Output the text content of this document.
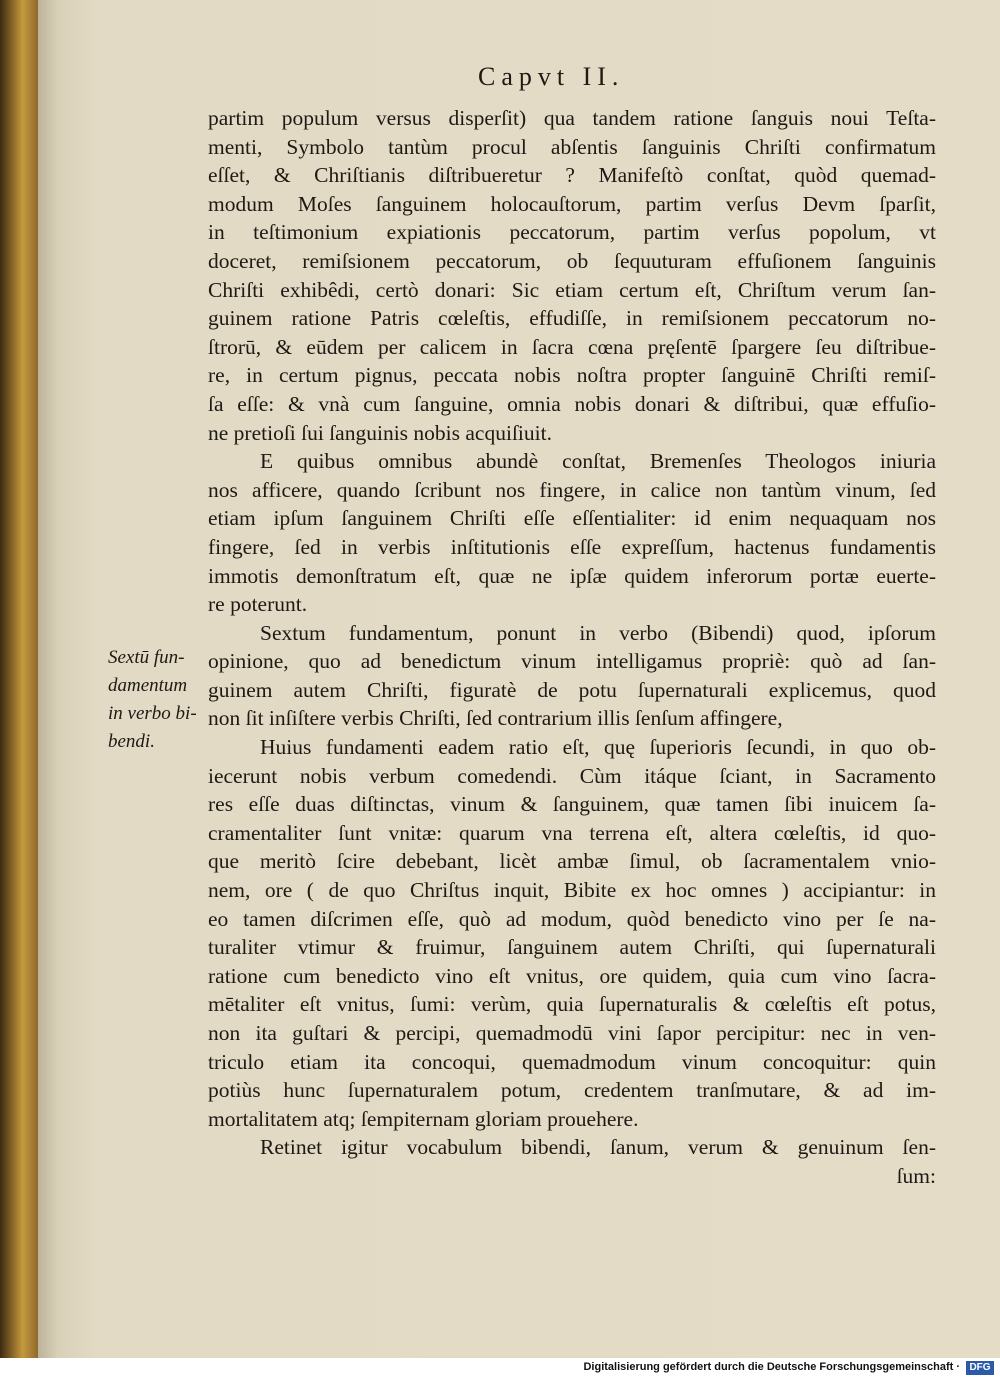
Capvt II.
Sextū fun-
damentum
in verbo bi-
bendi.
partim populum versus disperſit) qua tandem ratione ſanguis noui Teſta-
menti, Symbolo tantùm procul abſentis ſanguinis Chriſti confirmatum
eſſet, & Chriſtianis diſtribueretur ? Manifeſtò conſtat, quòd quemad-
modum Moſes ſanguinem holocauſtorum, partim verſus Devm ſparſit,
in teſtimonium expiationis peccatorum, partim verſus popolum, vt
doceret, remiſsionem peccatorum, ob ſequuturam effuſionem ſanguinis
Chriſti exhibêdi, certò donari: Sic etiam certum eſt, Chriſtum verum ſan-
guinem ratione Patris cœleſtis, effudiſſe, in remiſsionem peccatorum no-
ſtrorū, & eūdem per calicem in ſacra cœna pręſentē ſpargere ſeu diſtribue-
re, in certum pignus, peccata nobis noſtra propter ſanguinē Chriſti remiſ-
ſa eſſe: & vnà cum ſanguine, omnia nobis donari & diſtribui, quæ effuſio-
ne pretioſi ſui ſanguinis nobis acquiſiuit.
E quibus omnibus abundè conſtat, Bremenſes Theologos iniuria
nos afficere, quando ſcribunt nos fingere, in calice non tantùm vinum, ſed
etiam ipſum ſanguinem Chriſti eſſe eſſentialiter: id enim nequaquam nos
fingere, ſed in verbis inſtitutionis eſſe expreſſum, hactenus fundamentis
immotis demonſtratum eſt, quæ ne ipſæ quidem inferorum portæ euerte-
re poterunt.
Sextum fundamentum, ponunt in verbo (Bibendi) quod, ipſorum
opinione, quo ad benedictum vinum intelligamus propriè: quò ad ſan-
guinem autem Chriſti, figuratè de potu ſupernaturali explicemus, quod
non ſit inſiſtere verbis Chriſti, ſed contrarium illis ſenſum affingere,
Huius fundamenti eadem ratio eſt, quę ſuperioris ſecundi, in quo ob-
iecerunt nobis verbum comedendi. Cùm itáque ſciant, in Sacramento
res eſſe duas diſtinctas, vinum & ſanguinem, quæ tamen ſibi inuicem ſa-
cramentaliter ſunt vnitæ: quarum vna terrena eſt, altera cœleſtis, id quo-
que meritò ſcire debebant, licèt ambæ ſimul, ob ſacramentalem vnio-
nem, ore ( de quo Chriſtus inquit, Bibite ex hoc omnes ) accipiantur: in
eo tamen diſcrimen eſſe, quò ad modum, quòd benedicto vino per ſe na-
turaliter vtimur & fruimur, ſanguinem autem Chriſti, qui ſupernaturali
ratione cum benedicto vino eſt vnitus, ore quidem, quia cum vino ſacra-
mētaliter eſt vnitus, ſumi: verùm, quia ſupernaturalis & cœleſtis eſt potus,
non ita guſtari & percipi, quemadmodū vini ſapor percipitur: nec in ven-
triculo etiam ita concoqui, quemadmodum vinum concoquitur: quin
potiùs hunc ſupernaturalem potum, credentem tranſmutare, & ad im-
mortalitatem atq; ſempiternam gloriam prouehere.
Retinet igitur vocabulum bibendi, ſanum, verum & genuinum ſen-
ſum:
Digitalisierung gefördert durch die Deutsche Forschungsgemeinschaft · DFG
